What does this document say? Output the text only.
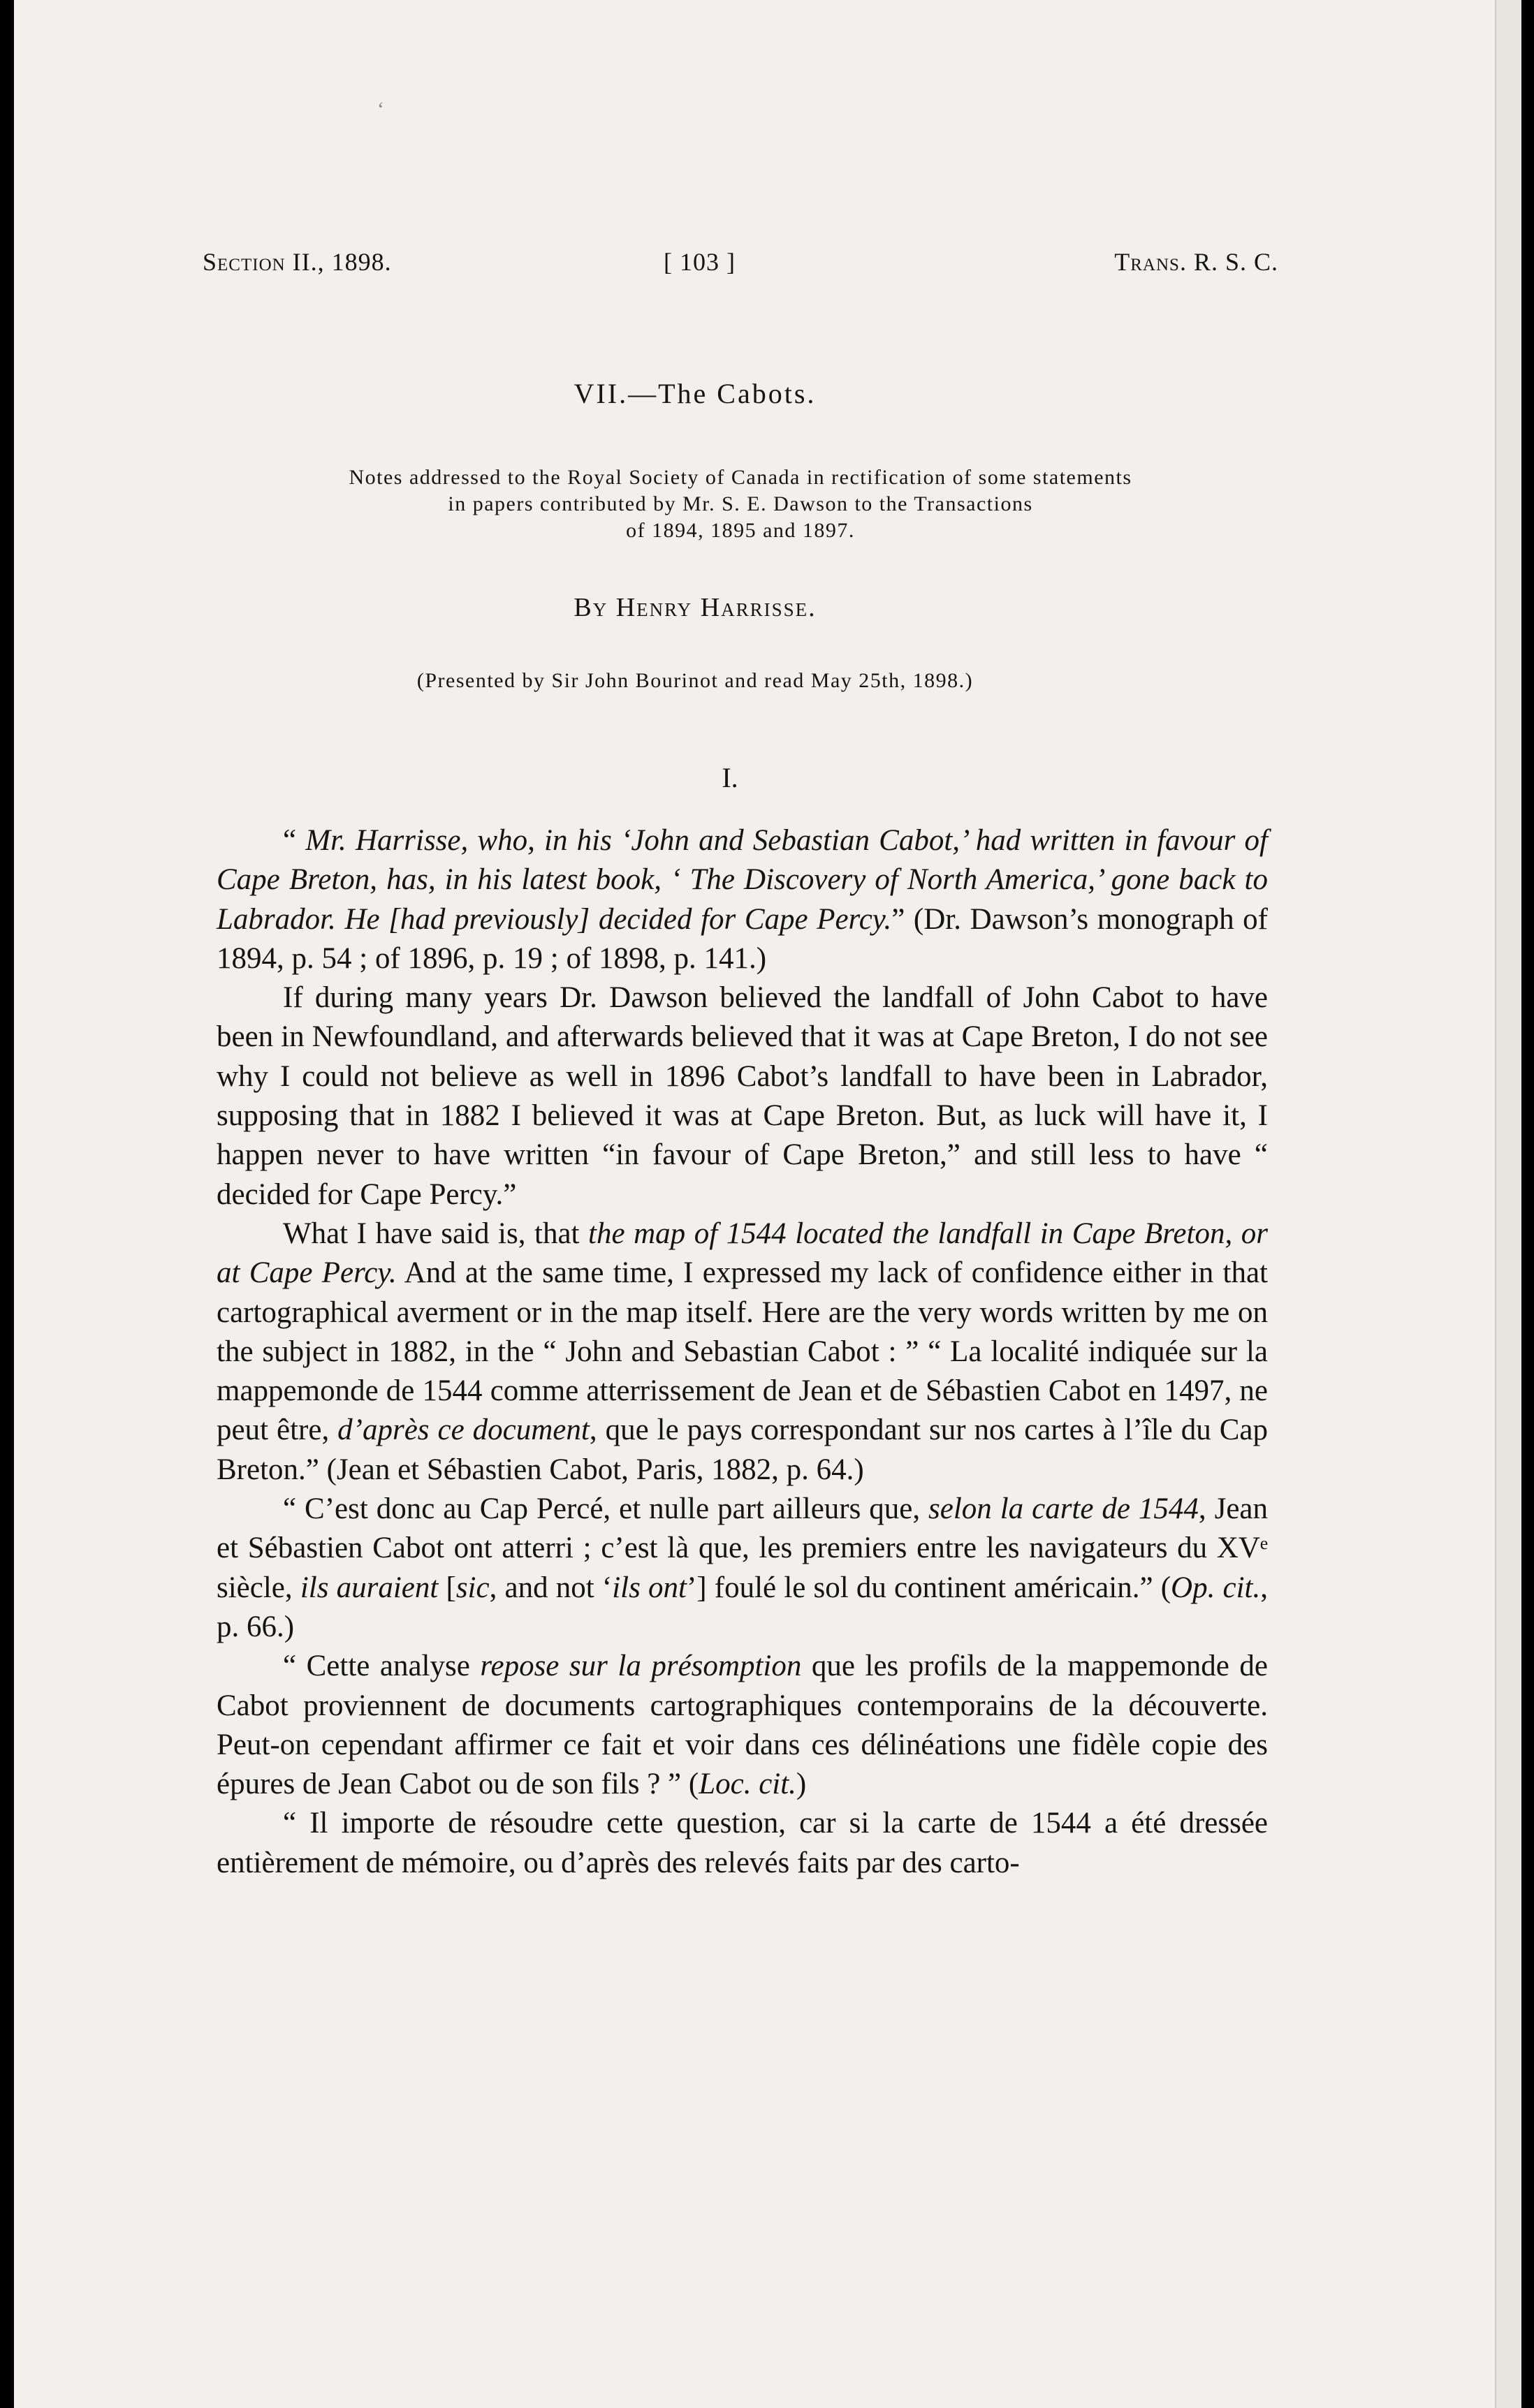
Section II., 1898.	[ 103 ]	Trans. R. S. C.
VII.—The Cabots.
Notes addressed to the Royal Society of Canada in rectification of some statements
in papers contributed by Mr. S. E. Dawson to the Transactions
of 1894, 1895 and 1897.
By Henry Harrisse.
(Presented by Sir John Bourinot and read May 25th, 1898.)
I.

“ Mr. Harrisse, who, in his ‘John and Sebastian Cabot,’ had written in favour of Cape Breton, has, in his latest book, ‘ The Discovery of North America,’ gone back to Labrador. He [had previously] decided for Cape Percy.” (Dr. Dawson’s monograph of 1894, p. 54 ; of 1896, p. 19 ; of 1898, p. 141.)

If during many years Dr. Dawson believed the landfall of John Cabot to have been in Newfoundland, and afterwards believed that it was at Cape Breton, I do not see why I could not believe as well in 1896 Cabot’s landfall to have been in Labrador, supposing that in 1882 I believed it was at Cape Breton. But, as luck will have it, I happen never to have written “in favour of Cape Breton,” and still less to have “ decided for Cape Percy.”

What I have said is, that the map of 1544 located the landfall in Cape Breton, or at Cape Percy. And at the same time, I expressed my lack of confidence either in that cartographical averment or in the map itself. Here are the very words written by me on the subject in 1882, in the “ John and Sebastian Cabot : ” “ La localité indiquée sur la mappemonde de 1544 comme atterrissement de Jean et de Sébastien Cabot en 1497, ne peut être, d’après ce document, que le pays correspondant sur nos cartes à l’île du Cap Breton.” (Jean et Sébastien Cabot, Paris, 1882, p. 64.)

“ C’est donc au Cap Percé, et nulle part ailleurs que, selon la carte de 1544, Jean et Sébastien Cabot ont atterri ; c’est là que, les premiers entre les navigateurs du XVᵉ siècle, ils auraient [sic, and not ‘ils ont’] foulé le sol du continent américain.” (Op. cit., p. 66.)

“ Cette analyse repose sur la présomption que les profils de la mappemonde de Cabot proviennent de documents cartographiques contemporains de la découverte. Peut-on cependant affirmer ce fait et voir dans ces délinéations une fidèle copie des épures de Jean Cabot ou de son fils ? ” (Loc. cit.)

“ Il importe de résoudre cette question, car si la carte de 1544 a été dressée entièrement de mémoire, ou d’après des relevés faits par des carto-

ʻ
